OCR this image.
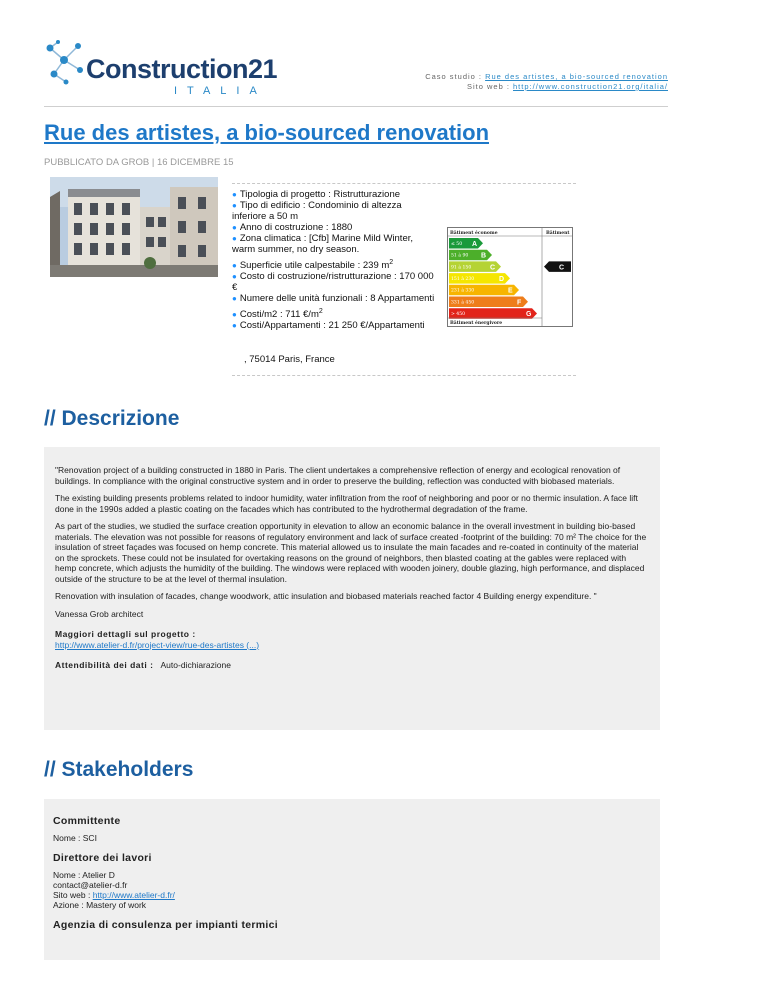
Construction21
ITALIA
Caso studio : Rue des artistes, a bio-sourced renovation
Sito web : http://www.construction21.org/italia/
Rue des artistes, a bio-sourced renovation
PUBBLICATO DA GROB | 16 DICEMBRE 15
● Tipologia di progetto : Ristrutturazione
● Tipo di edificio : Condominio di altezza inferiore a 50 m
● Anno di costruzione : 1880
● Zona climatica : [Cfb] Marine Mild Winter, warm summer, no dry season.
● Superficie utile calpestabile : 239 $m^2$
● Costo di costruzione/ristrutturazione : 170 000 €
● Numere delle unità funzionali : 8 Appartamenti
● Costi/m2 : 711 $€/m^2$
● Costi/Appartamenti : 21 250 €/Appartamenti
Bâtiment économe	Bâtiment
≤ 50 A
51 à 90 B
91 à 150	C
151 à 230	D
231 à 330	E
331 à 450	F
> 450	G
C
Bâtiment énergivore
, 75014 Paris, France
// Descrizione

"Renovation project of a building constructed in 1880 in Paris. The client undertakes a comprehensive reflection of energy and ecological renovation of buildings. In compliance with the original constructive system and in order to preserve the building, reflection was conducted with biobased materials.

The existing building presents problems related to indoor humidity, water infiltration from the roof of neighboring and poor or no thermic insulation. A face lift done in the 1990s added a plastic coating on the facades which has contributed to the hydrothermal degradation of the frame.

As part of the studies, we studied the surface creation opportunity in elevation to allow an economic balance in the overall investment in building bio-based materials. The elevation was not possible for reasons of regulatory environment and lack of surface created -footprint of the building: 70 m² The choice for the insulation of street façades was focused on hemp concrete. This material allowed us to insulate the main facades and re-coated in continuity of the material on the sprockets. These could not be insulated for overtaking reasons on the ground of neighbors, then blasted coating at the gables were replaced with hemp concrete, which adjusts the humidity of the building. The windows were replaced with wooden joinery, double glazing, high performance, and displaced outside of the structure to be at the level of thermal insulation.

Renovation with insulation of facades, change woodwork, attic insulation and biobased materials reached factor 4 Building energy expenditure. "

Vanessa Grob architect

Maggiori dettagli sul progetto :
http://www.atelier-d.fr/project-view/rue-des-artistes (...)

Attendibilità dei dati : Auto-dichiarazione

// Stakeholders
Committente
Nome : SCI
Direttore dei lavori
Nome : Atelier D
contact@atelier-d.fr
Sito web : http://www.atelier-d.fr/
Azione : Mastery of work
Agenzia di consulenza per impianti termici
